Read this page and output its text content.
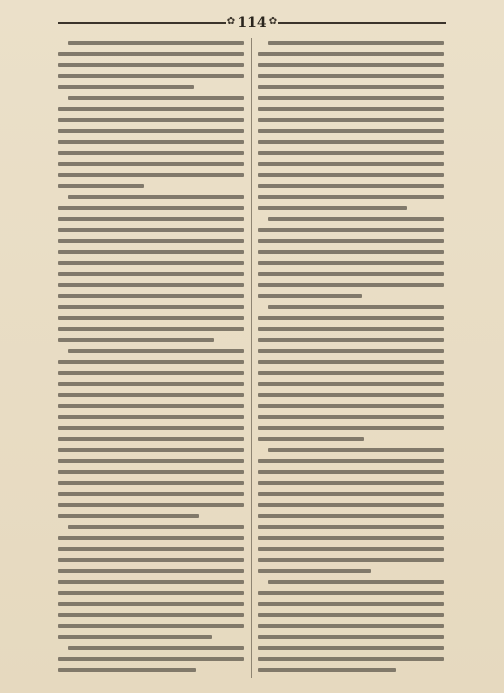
✿ 114 ✿
